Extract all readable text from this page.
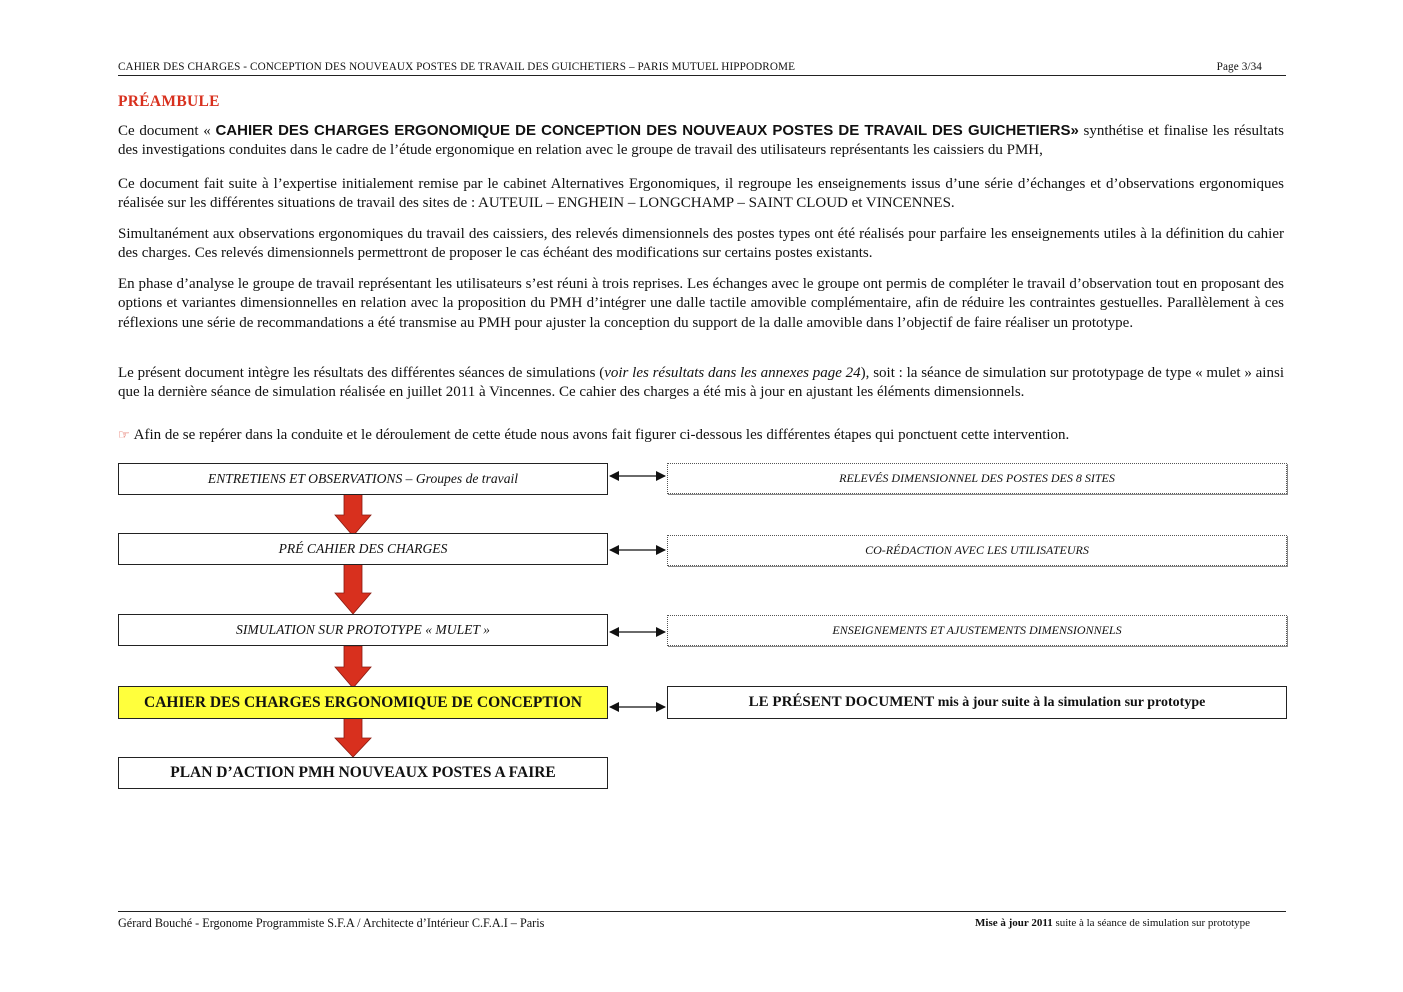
CAHIER DES CHARGES - CONCEPTION DES NOUVEAUX POSTES DE TRAVAIL DES GUICHETIERS – PARIS MUTUEL HIPPODROME	Page 3/34
PRÉAMBULE

Ce document « CAHIER DES CHARGES ERGONOMIQUE DE CONCEPTION DES NOUVEAUX POSTES DE TRAVAIL DES GUICHETIERS» synthétise et finalise les résultats des investigations conduites dans le cadre de l’étude ergonomique en relation avec le groupe de travail des utilisateurs représentants les caissiers du PMH,

Ce document fait suite à l’expertise initialement remise par le cabinet Alternatives Ergonomiques, il regroupe les enseignements issus d’une série d’échanges et d’observations ergonomiques réalisée sur les différentes situations de travail des sites de : AUTEUIL – ENGHEIN – LONGCHAMP – SAINT CLOUD et VINCENNES.

Simultanément aux observations ergonomiques du travail des caissiers, des relevés dimensionnels des postes types ont été réalisés pour parfaire les enseignements utiles à la définition du cahier des charges. Ces relevés dimensionnels permettront de proposer le cas échéant des modifications sur certains postes existants.

En phase d’analyse le groupe de travail représentant les utilisateurs s’est réuni à trois reprises. Les échanges avec le groupe ont permis de compléter le travail d’observation tout en proposant des options et variantes dimensionnelles en relation avec la proposition du PMH d’intégrer une dalle tactile amovible complémentaire, afin de réduire les contraintes gestuelles. Parallèlement à ces réflexions une série de recommandations a été transmise au PMH pour ajuster la conception du support de la dalle amovible dans l’objectif de faire réaliser un prototype.

Le présent document intègre les résultats des différentes séances de simulations (voir les résultats dans les annexes page 24), soit : la séance de simulation sur prototypage de type « mulet » ainsi que la dernière séance de simulation réalisée en juillet 2011 à Vincennes. Ce cahier des charges a été mis à jour en ajustant les éléments dimensionnels.

☞ Afin de se repérer dans la conduite et le déroulement de cette étude nous avons fait figurer ci-dessous les différentes étapes qui ponctuent cette intervention.

ENTRETIENS ET OBSERVATIONS – Groupes de travail
PRÉ CAHIER DES CHARGES
SIMULATION SUR PROTOTYPE « MULET »
CAHIER DES CHARGES ERGONOMIQUE DE CONCEPTION
PLAN D’ACTION PMH NOUVEAUX POSTES A FAIRE
RELEVÉS DIMENSIONNEL DES POSTES DES 8 SITES
CO-RÉDACTION AVEC LES UTILISATEURS
ENSEIGNEMENTS ET AJUSTEMENTS DIMENSIONNELS
LE PRÉSENT DOCUMENT mis à jour suite à la simulation sur prototype
Gérard Bouché - Ergonome Programmiste S.F.A / Architecte d’Intérieur C.F.A.I – Paris	Mise à jour 2011 suite à la séance de simulation sur prototype
